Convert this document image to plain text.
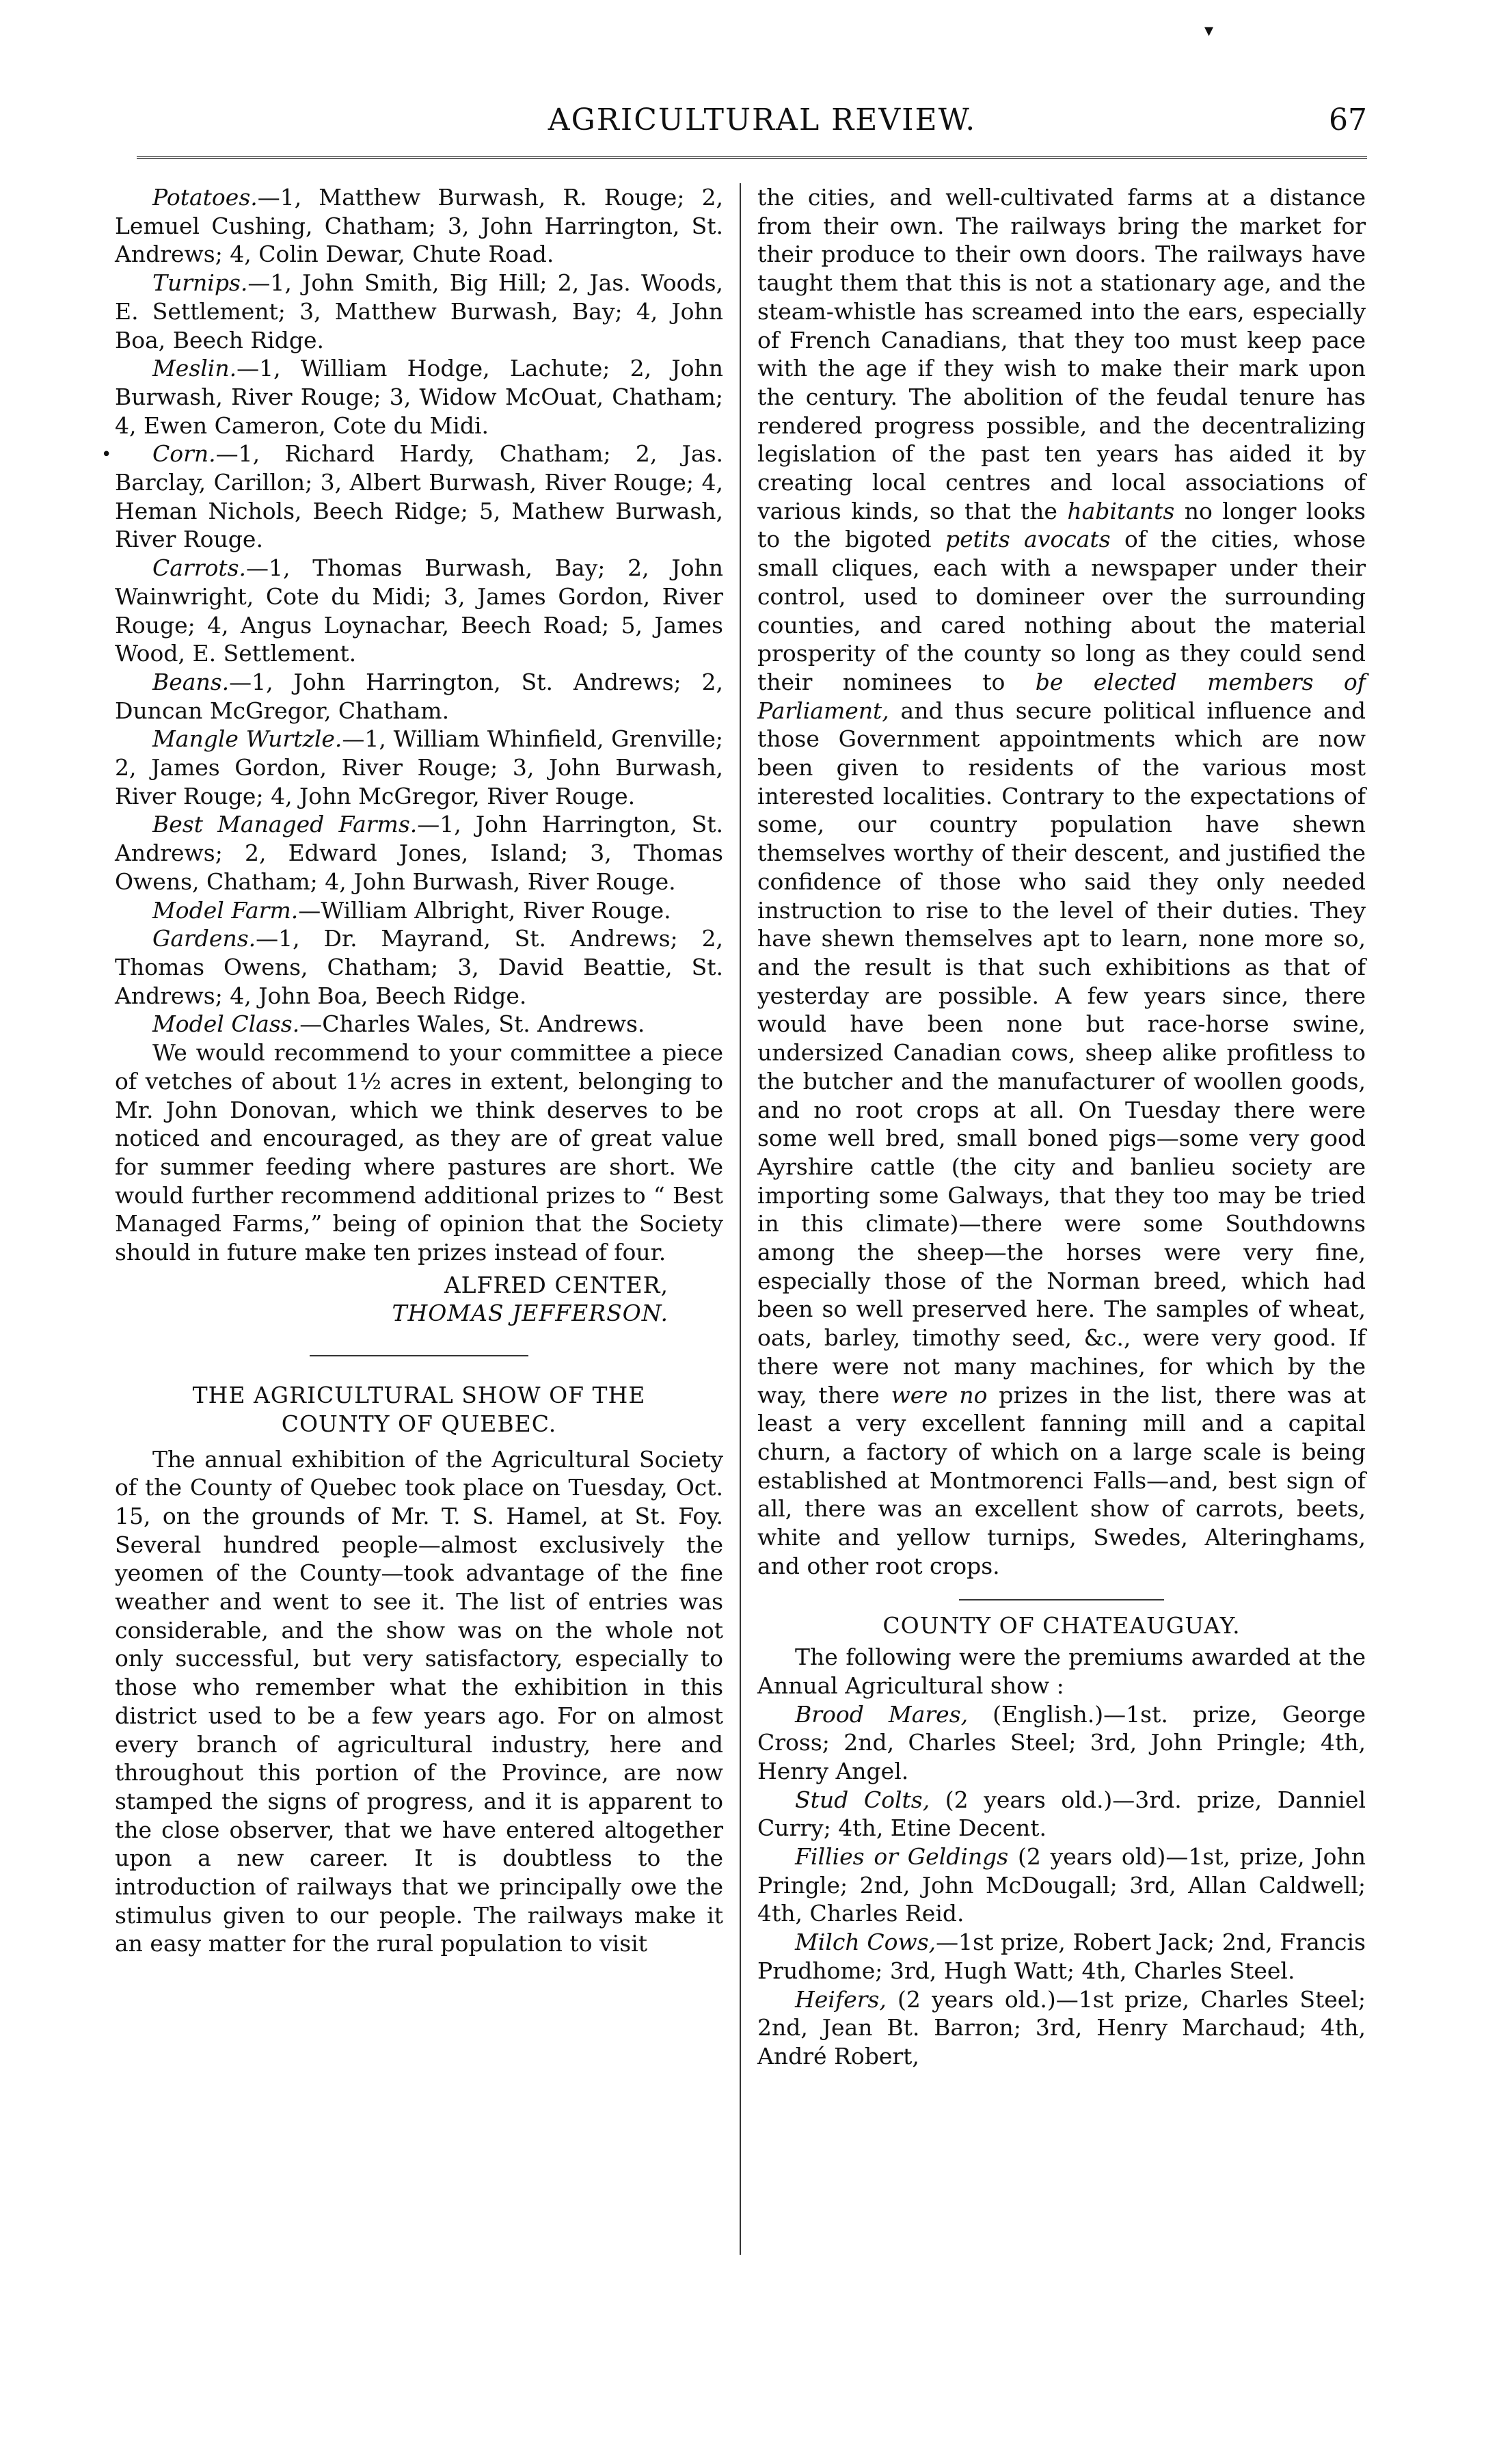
▾
AGRICULTURAL REVIEW.	67
•

Potatoes.—1, Matthew Burwash, R. Rouge; 2, Lemuel Cushing, Chatham; 3, John Harrington, St. Andrews; 4, Colin Dewar, Chute Road.

Turnips.—1, John Smith, Big Hill; 2, Jas. Woods, E. Settlement; 3, Matthew Burwash, Bay; 4, John Boa, Beech Ridge.

Meslin.—1, William Hodge, Lachute; 2, John Burwash, River Rouge; 3, Widow McOuat, Chatham; 4, Ewen Cameron, Cote du Midi.

Corn.—1, Richard Hardy, Chatham; 2, Jas. Barclay, Carillon; 3, Albert Burwash, River Rouge; 4, Heman Nichols, Beech Ridge; 5, Mathew Burwash, River Rouge.

Carrots.—1, Thomas Burwash, Bay; 2, John Wainwright, Cote du Midi; 3, James Gordon, River Rouge; 4, Angus Loynachar, Beech Road; 5, James Wood, E. Settlement.

Beans.—1, John Harrington, St. Andrews; 2, Duncan McGregor, Chatham.

Mangle Wurtzle.—1, William Whinfield, Grenville; 2, James Gordon, River Rouge; 3, John Burwash, River Rouge; 4, John McGregor, River Rouge.

Best Managed Farms.—1, John Harrington, St. Andrews; 2, Edward Jones, Island; 3, Thomas Owens, Chatham; 4, John Burwash, River Rouge.

Model Farm.—William Albright, River Rouge.

Gardens.—1, Dr. Mayrand, St. Andrews; 2, Thomas Owens, Chatham; 3, David Beattie, St. Andrews; 4, John Boa, Beech Ridge.

Model Class.—Charles Wales, St. Andrews.

We would recommend to your committee a piece of vetches of about 1½ acres in extent, belonging to Mr. John Donovan, which we think deserves to be noticed and encouraged, as they are of great value for summer feeding where pastures are short. We would further recommend additional prizes to “ Best Managed Farms,” being of opinion that the Society should in future make ten prizes instead of four.

ALFRED CENTER,

THOMAS JEFFERSON.

THE AGRICULTURAL SHOW OF THE

COUNTY OF QUEBEC.

The annual exhibition of the Agricultural Society of the County of Quebec took place on Tuesday, Oct. 15, on the grounds of Mr. T. S. Hamel, at St. Foy. Several hundred people—almost exclusively the yeomen of the County—took advantage of the fine weather and went to see it. The list of entries was considerable, and the show was on the whole not only successful, but very satisfactory, especially to those who remember what the exhibition in this district used to be a few years ago. For on almost every branch of agricultural industry, here and throughout this portion of the Province, are now stamped the signs of progress, and it is apparent to the close observer, that we have entered altogether upon a new career. It is doubtless to the introduction of railways that we principally owe the stimulus given to our people. The railways make it an easy matter for the rural population to visit

the cities, and well-cultivated farms at a distance from their own. The railways bring the market for their produce to their own doors. The railways have taught them that this is not a stationary age, and the steam-whistle has screamed into the ears, especially of French Canadians, that they too must keep pace with the age if they wish to make their mark upon the century. The abolition of the feudal tenure has rendered progress possible, and the decentralizing legislation of the past ten years has aided it by creating local centres and local associations of various kinds, so that the habitants no longer looks to the bigoted petits avocats of the cities, whose small cliques, each with a newspaper under their control, used to domineer over the surrounding counties, and cared nothing about the material prosperity of the county so long as they could send their nominees to be elected members of Parliament, and thus secure political influence and those Government appointments which are now been given to residents of the various most interested localities. Contrary to the expectations of some, our country population have shewn themselves worthy of their descent, and justified the confidence of those who said they only needed instruction to rise to the level of their duties. They have shewn themselves apt to learn, none more so, and the result is that such exhibitions as that of yesterday are possible. A few years since, there would have been none but race-horse swine, undersized Canadian cows, sheep alike profitless to the butcher and the manufacturer of woollen goods, and no root crops at all. On Tuesday there were some well bred, small boned pigs—some very good Ayrshire cattle (the city and banlieu society are importing some Galways, that they too may be tried in this climate)—there were some Southdowns among the sheep—the horses were very fine, especially those of the Norman breed, which had been so well preserved here. The samples of wheat, oats, barley, timothy seed, &c., were very good. If there were not many machines, for which by the way, there were no prizes in the list, there was at least a very excellent fanning mill and a capital churn, a factory of which on a large scale is being established at Montmorenci Falls—and, best sign of all, there was an excellent show of carrots, beets, white and yellow turnips, Swedes, Alteringhams, and other root crops.

COUNTY OF CHATEAUGUAY.

The following were the premiums awarded at the Annual Agricultural show :

Brood Mares, (English.)—1st. prize, George Cross; 2nd, Charles Steel; 3rd, John Pringle; 4th, Henry Angel.

Stud Colts, (2 years old.)—3rd. prize, Danniel Curry; 4th, Etine Decent.

Fillies or Geldings (2 years old)—1st, prize, John Pringle; 2nd, John McDougall; 3rd, Allan Caldwell; 4th, Charles Reid.

Milch Cows,—1st prize, Robert Jack; 2nd, Francis Prudhome; 3rd, Hugh Watt; 4th, Charles Steel.

Heifers, (2 years old.)—1st prize, Charles Steel; 2nd, Jean Bt. Barron; 3rd, Henry Marchaud; 4th, André Robert,
